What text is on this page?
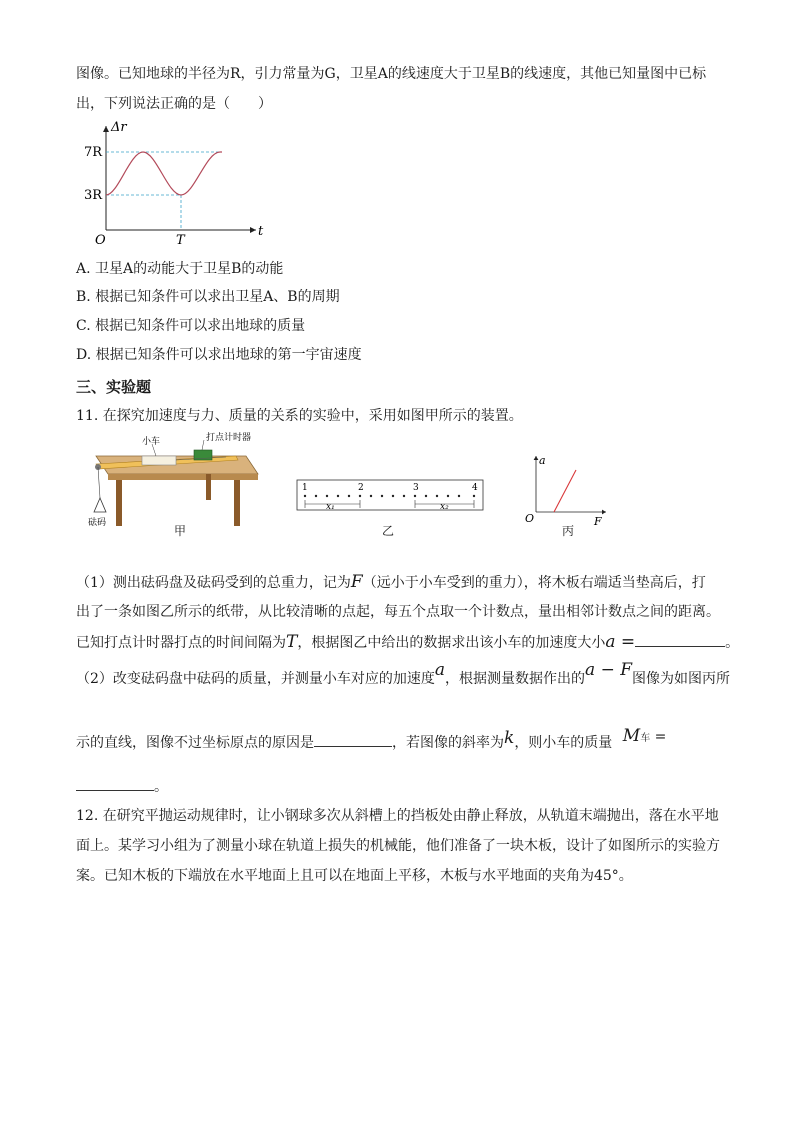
图像。已知地球的半径为R，引力常量为G，卫星A的线速度大于卫星B的线速度，其他已知量图中已标
出，下列说法正确的是（　　）
Δr
t
7R
3R
O	T
A. 卫星A的动能大于卫星B的动能
B. 根据已知条件可以求出卫星A、B的周期
C. 根据已知条件可以求出地球的质量
D. 根据已知条件可以求出地球的第一宇宙速度
三、实验题
11. 在探究加速度与力、质量的关系的实验中，采用如图甲所示的装置。
小车	打点计时器
砝码
甲
1	2	3	4
x₁	x₂
乙
a
F
O
丙
（1）测出砝码盘及砝码受到的总重力，记为F（远小于小车受到的重力），将木板右端适当垫高后，打
出了一条如图乙所示的纸带，从比较清晰的点起，每五个点取一个计数点，量出相邻计数点之间的距离。
已知打点计时器打点的时间间隔为T，根据图乙中给出的数据求出该小车的加速度大小a =	。
（2）改变砝码盘中砝码的质量，并测量小车对应的加速度a，根据测量数据作出的a − F图像为如图丙所
示的直线，图像不过坐标原点的原因是	，若图像的斜率为k，则小车的质量 M车 =
。
12. 在研究平抛运动规律时，让小钢球多次从斜槽上的挡板处由静止释放，从轨道末端抛出，落在水平地
面上。某学习小组为了测量小球在轨道上损失的机械能，他们准备了一块木板，设计了如图所示的实验方
案。已知木板的下端放在水平地面上且可以在地面上平移，木板与水平地面的夹角为45°。
